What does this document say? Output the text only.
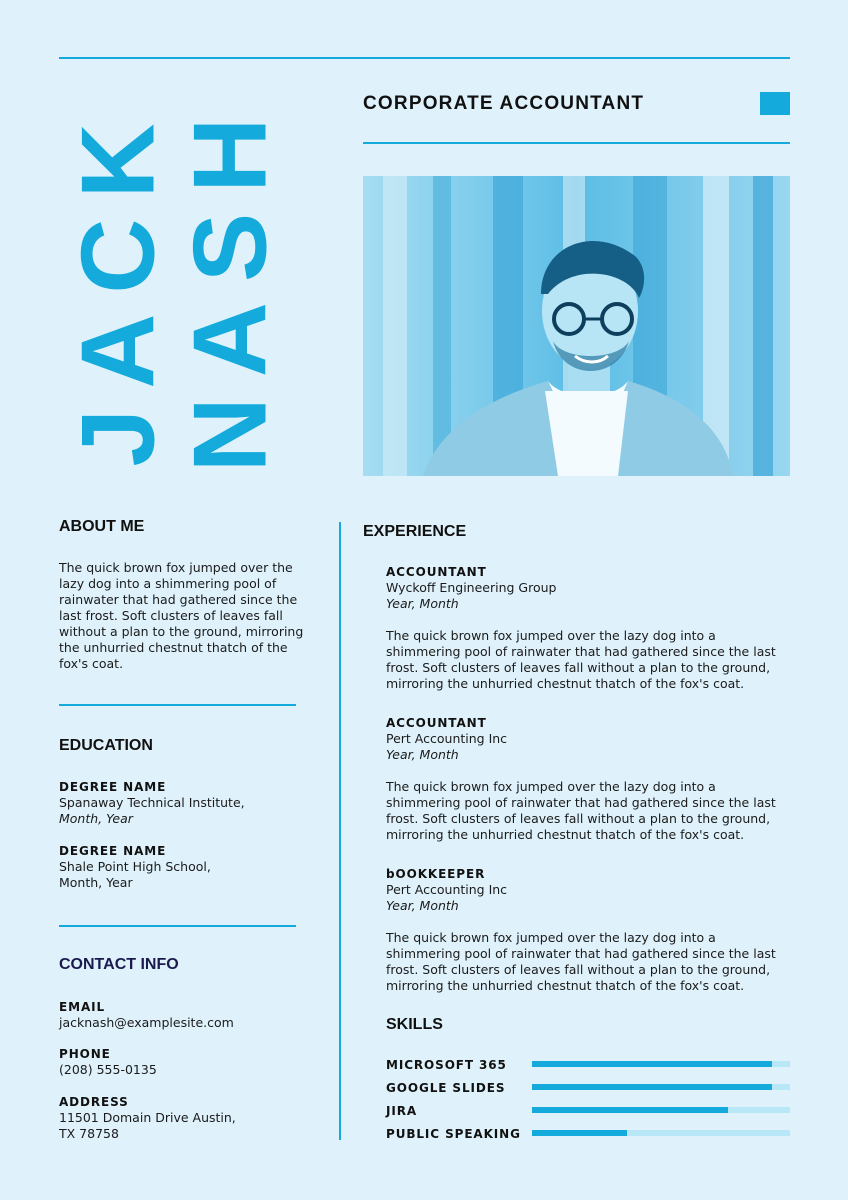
CORPORATE ACCOUNTANT
JACK
NASH
ABOUT ME
The quick brown fox jumped over the lazy dog into a shimmering pool of rainwater that had gathered since the last frost. Soft clusters of leaves fall without a plan to the ground, mirroring the unhurried chestnut thatch of the fox's coat.
EDUCATION
DEGREE NAME
Spanaway Technical Institute,
Month, Year
DEGREE NAME
Shale Point High School,
Month, Year
CONTACT INFO
EMAIL
jacknash@examplesite.com
PHONE
(208) 555-0135
ADDRESS
11501 Domain Drive Austin,
TX 78758
EXPERIENCE
ACCOUNTANT
Wyckoff Engineering Group
Year, Month
The quick brown fox jumped over the lazy dog into a shimmering pool of rainwater that had gathered since the last frost. Soft clusters of leaves fall without a plan to the ground, mirroring the unhurried chestnut thatch of the fox's coat.
ACCOUNTANT
Pert Accounting Inc
Year, Month
The quick brown fox jumped over the lazy dog into a shimmering pool of rainwater that had gathered since the last frost. Soft clusters of leaves fall without a plan to the ground, mirroring the unhurried chestnut thatch of the fox's coat.
bOOKKEEPER
Pert Accounting Inc
Year, Month
The quick brown fox jumped over the lazy dog into a shimmering pool of rainwater that had gathered since the last frost. Soft clusters of leaves fall without a plan to the ground, mirroring the unhurried chestnut thatch of the fox's coat.
SKILLS
MICROSOFT 365
GOOGLE SLIDES
JIRA
PUBLIC SPEAKING
